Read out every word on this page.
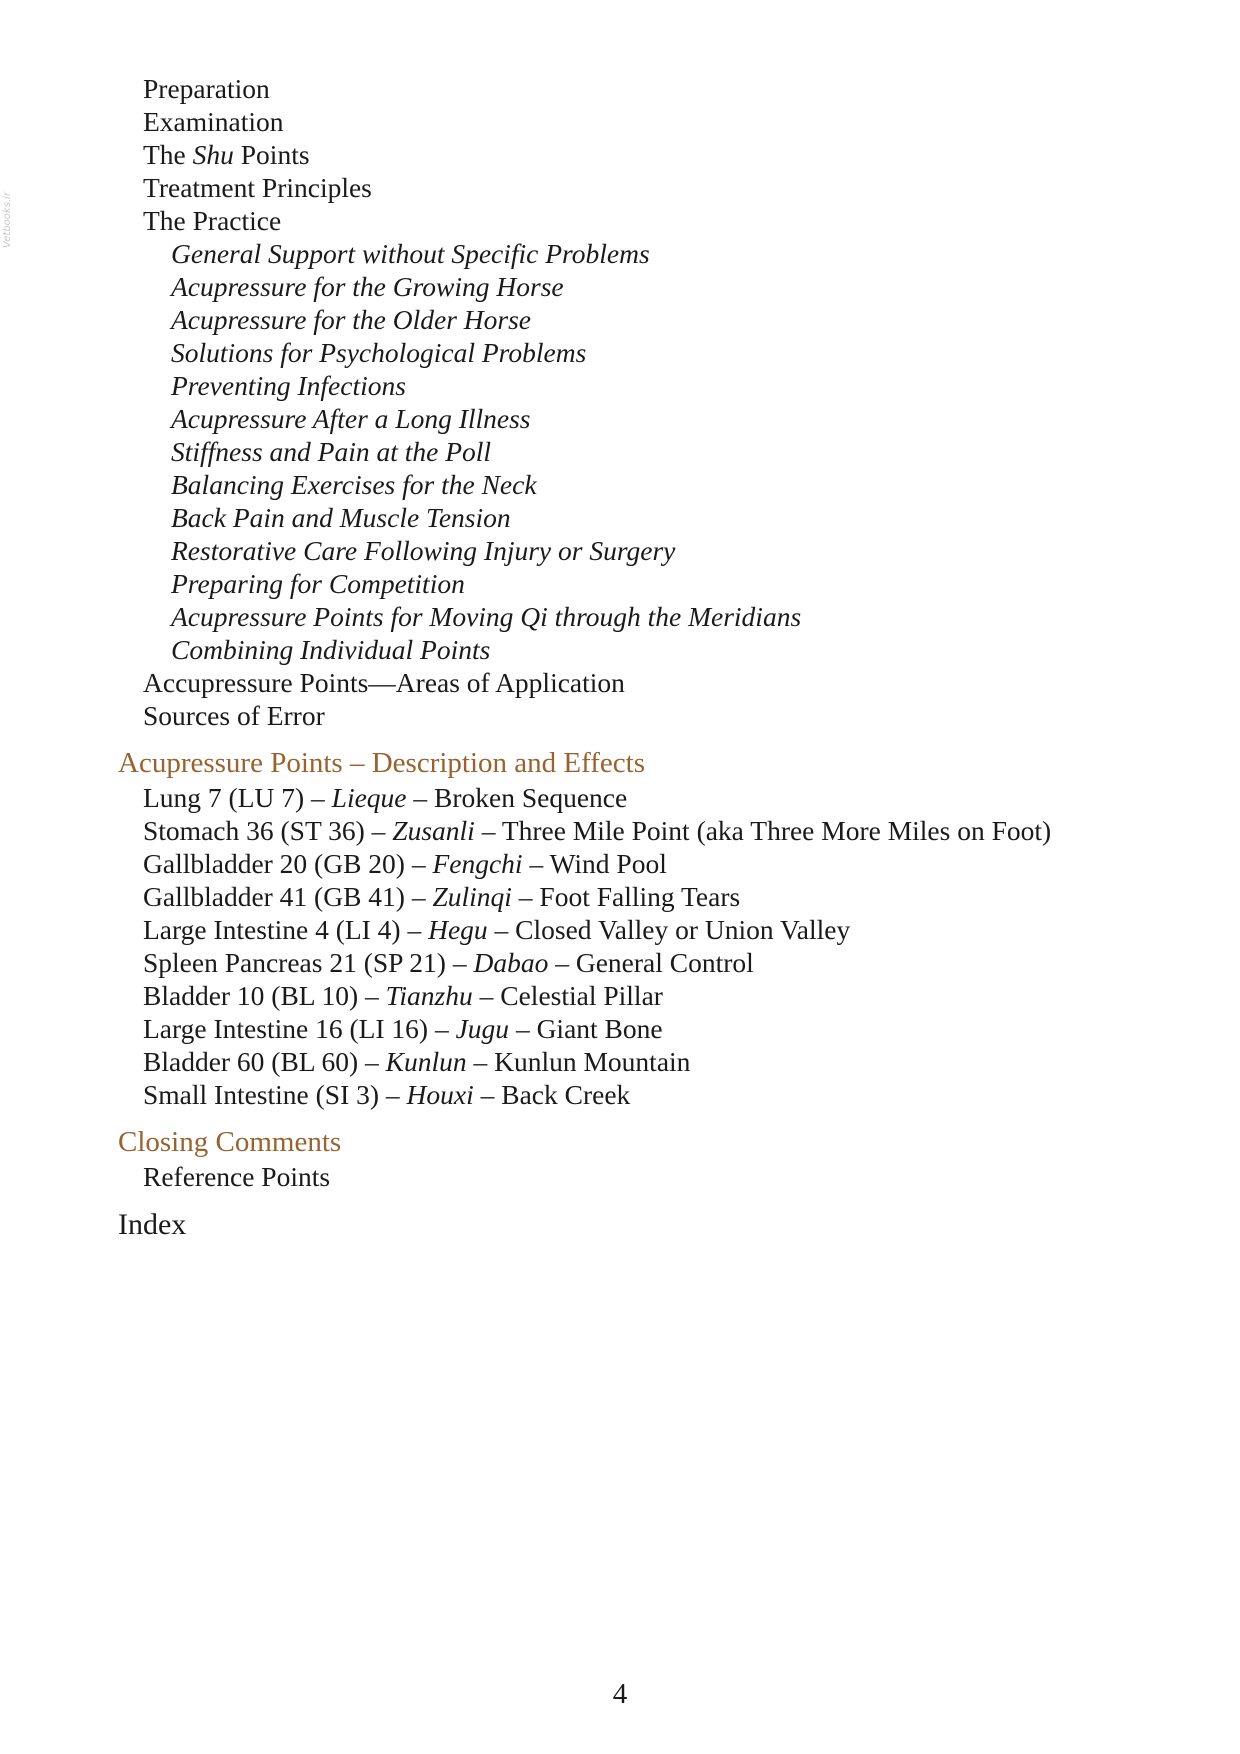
Vetbooks.ir
Preparation
Examination
The Shu Points
Treatment Principles
The Practice
General Support without Specific Problems
Acupressure for the Growing Horse
Acupressure for the Older Horse
Solutions for Psychological Problems
Preventing Infections
Acupressure After a Long Illness
Stiffness and Pain at the Poll
Balancing Exercises for the Neck
Back Pain and Muscle Tension
Restorative Care Following Injury or Surgery
Preparing for Competition
Acupressure Points for Moving Qi through the Meridians
Combining Individual Points
Accupressure Points—Areas of Application
Sources of Error
Acupressure Points – Description and Effects
Lung 7 (LU 7) – Lieque – Broken Sequence
Stomach 36 (ST 36) – Zusanli – Three Mile Point (aka Three More Miles on Foot)
Gallbladder 20 (GB 20) – Fengchi – Wind Pool
Gallbladder 41 (GB 41) – Zulinqi – Foot Falling Tears
Large Intestine 4 (LI 4) – Hegu – Closed Valley or Union Valley
Spleen Pancreas 21 (SP 21) – Dabao – General Control
Bladder 10 (BL 10) – Tianzhu – Celestial Pillar
Large Intestine 16 (LI 16) – Jugu – Giant Bone
Bladder 60 (BL 60) – Kunlun – Kunlun Mountain
Small Intestine (SI 3) – Houxi – Back Creek
Closing Comments
Reference Points
Index
4
